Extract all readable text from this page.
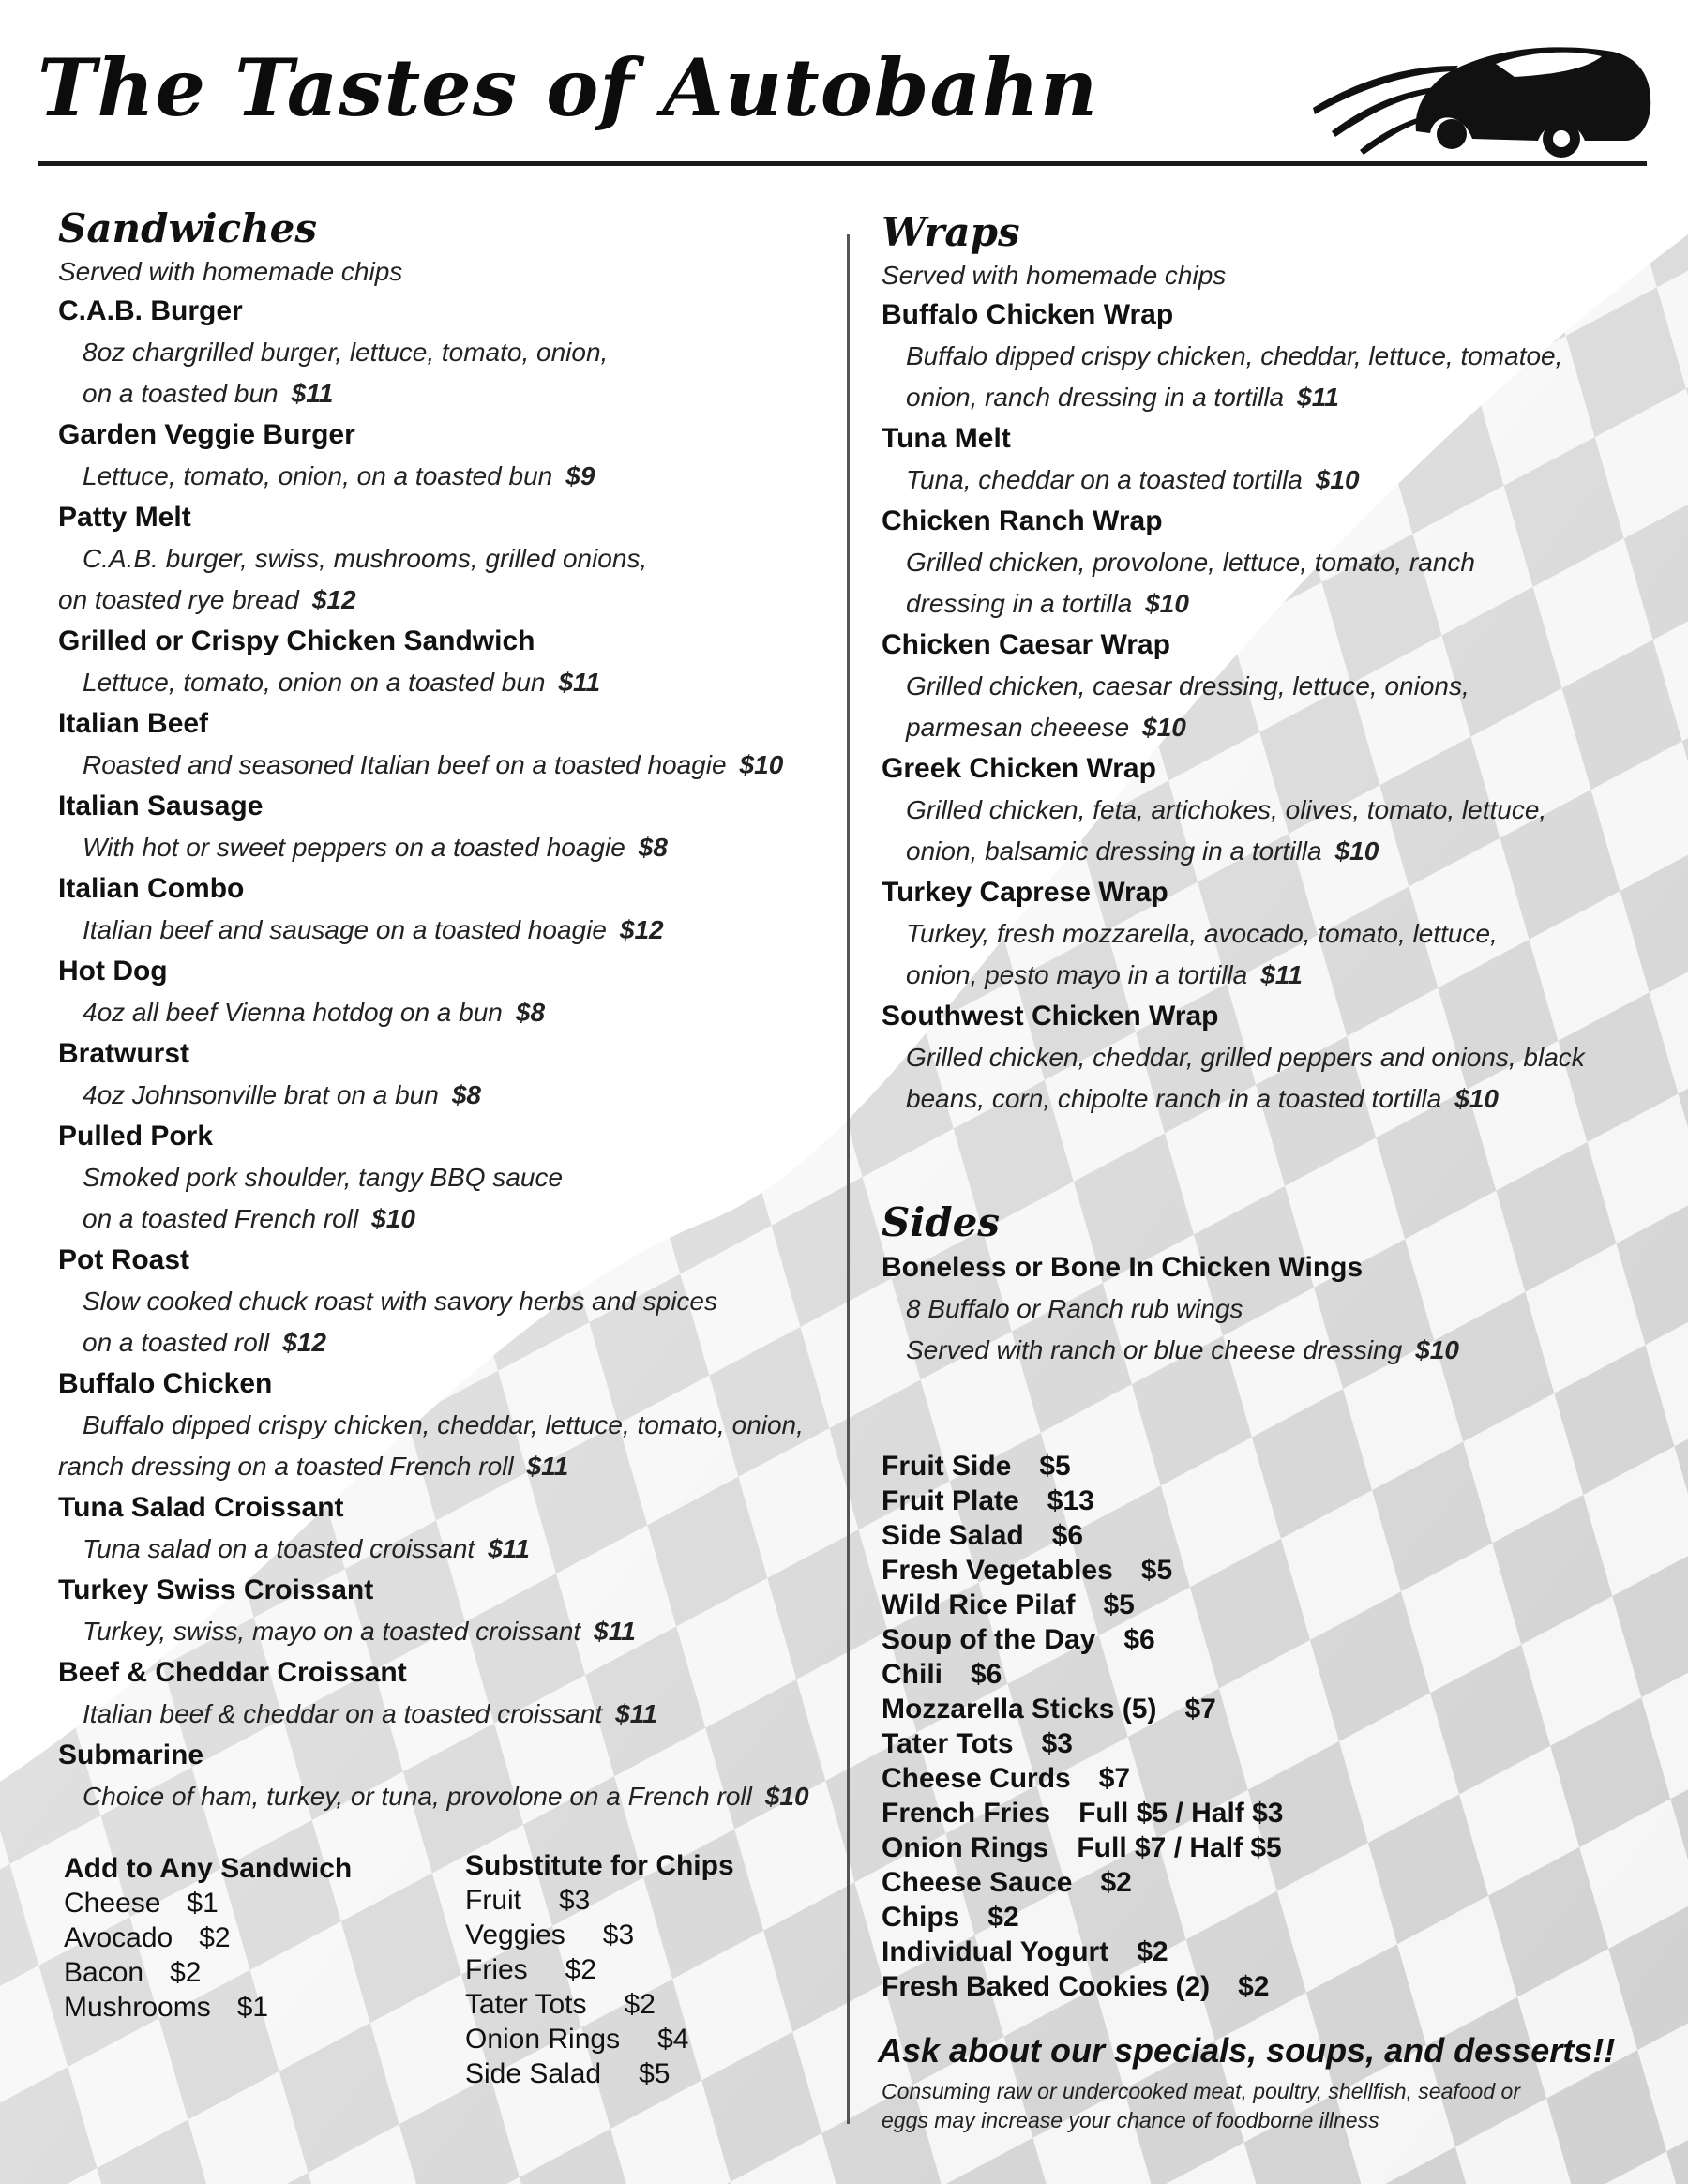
The Tastes of Autobahn
Sandwiches
Served with homemade chips
C.A.B. Burger
8oz chargrilled burger, lettuce, tomato, onion,
on a toasted bun $11
Garden Veggie Burger
Lettuce, tomato, onion, on a toasted bun $9
Patty Melt
C.A.B. burger, swiss, mushrooms, grilled onions,
on toasted rye bread $12
Grilled or Crispy Chicken Sandwich
Lettuce, tomato, onion on a toasted bun $11
Italian Beef
Roasted and seasoned Italian beef on a toasted hoagie $10
Italian Sausage
With hot or sweet peppers on a toasted hoagie $8
Italian Combo
Italian beef and sausage on a toasted hoagie $12
Hot Dog
4oz all beef Vienna hotdog on a bun $8
Bratwurst
4oz Johnsonville brat on a bun $8
Pulled Pork
Smoked pork shoulder, tangy BBQ sauce
on a toasted French roll $10
Pot Roast
Slow cooked chuck roast with savory herbs and spices
on a toasted roll $12
Buffalo Chicken
Buffalo dipped crispy chicken, cheddar, lettuce, tomato, onion,
ranch dressing on a toasted French roll $11
Tuna Salad Croissant
Tuna salad on a toasted croissant $11
Turkey Swiss Croissant
Turkey, swiss, mayo on a toasted croissant $11
Beef & Cheddar Croissant
Italian beef & cheddar on a toasted croissant $11
Submarine
Choice of ham, turkey, or tuna, provolone on a French roll $10
Add to Any Sandwich
Cheese $1
Avocado $2
Bacon $2
Mushrooms $1
Substitute for Chips
Fruit $3
Veggies $3
Fries $2
Tater Tots $2
Onion Rings $4
Side Salad $5
Wraps
Served with homemade chips
Buffalo Chicken Wrap
Buffalo dipped crispy chicken, cheddar, lettuce, tomatoe,
onion, ranch dressing in a tortilla $11
Tuna Melt
Tuna, cheddar on a toasted tortilla $10
Chicken Ranch Wrap
Grilled chicken, provolone, lettuce, tomato, ranch
dressing in a tortilla $10
Chicken Caesar Wrap
Grilled chicken, caesar dressing, lettuce, onions,
parmesan cheeese $10
Greek Chicken Wrap
Grilled chicken, feta, artichokes, olives, tomato, lettuce,
onion, balsamic dressing in a tortilla $10
Turkey Caprese Wrap
Turkey, fresh mozzarella, avocado, tomato, lettuce,
onion, pesto mayo in a tortilla $11
Southwest Chicken Wrap
Grilled chicken, cheddar, grilled peppers and onions, black
beans, corn, chipolte ranch in a toasted tortilla $10
Sides
Boneless or Bone In Chicken Wings
8 Buffalo or Ranch rub wings
Served with ranch or blue cheese dressing $10
Fruit Side $5
Fruit Plate $13
Side Salad $6
Fresh Vegetables $5
Wild Rice Pilaf $5
Soup of the Day $6
Chili $6
Mozzarella Sticks (5) $7
Tater Tots $3
Cheese Curds $7
French Fries Full $5 / Half $3
Onion Rings Full $7 / Half $5
Cheese Sauce $2
Chips $2
Individual Yogurt $2
Fresh Baked Cookies (2) $2
Ask about our specials, soups, and desserts!!
Consuming raw or undercooked meat, poultry, shellfish, seafood or
eggs may increase your chance of foodborne illness
